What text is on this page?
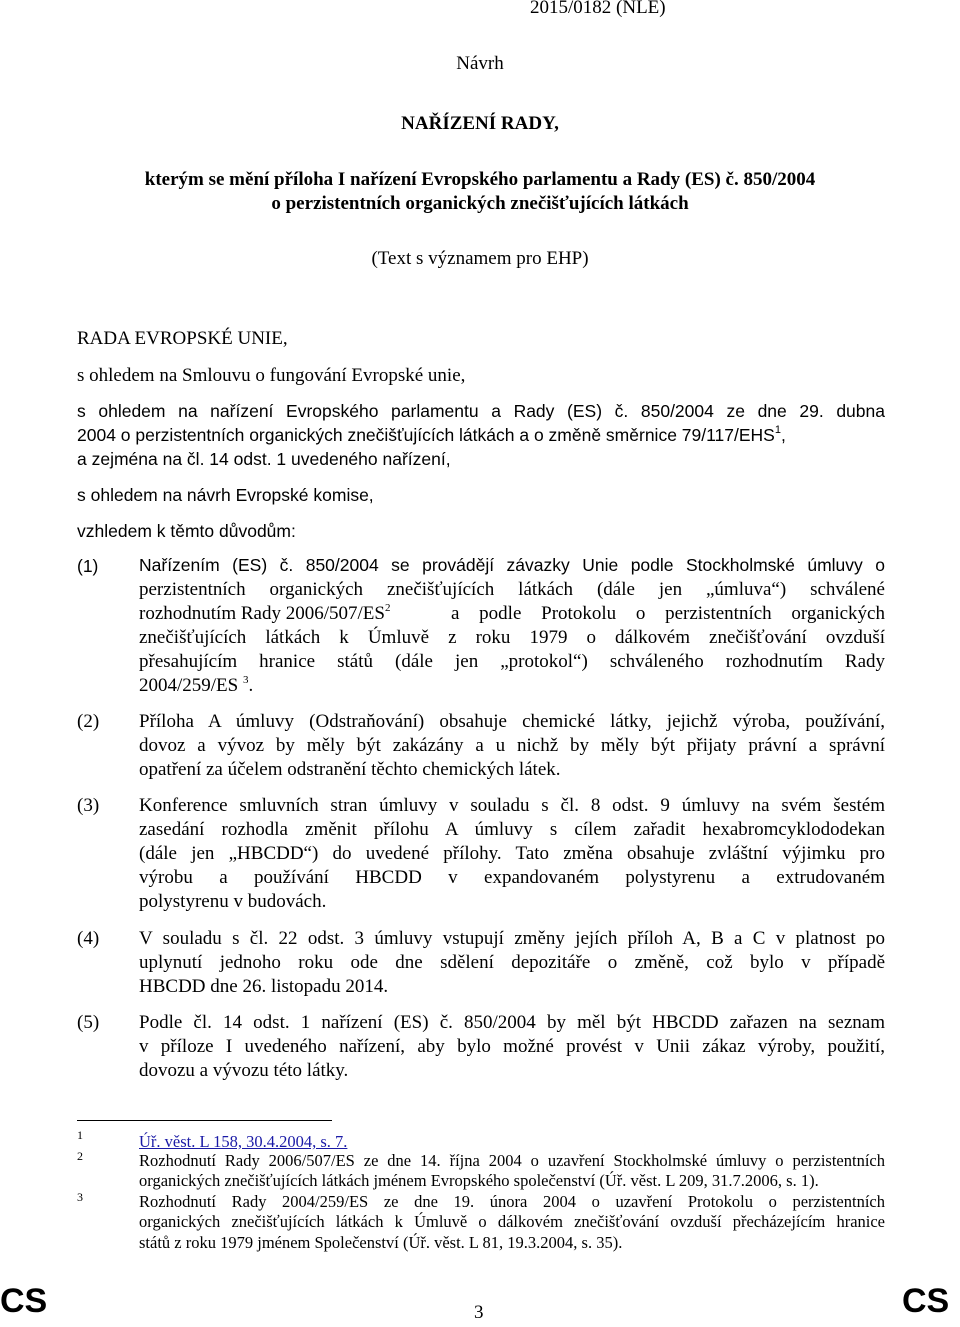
2015/0182 (NLE)
Návrh
NAŘÍZENÍ RADY,
kterým se mění příloha I nařízení Evropského parlamentu a Rady (ES) č. 850/2004
o perzistentních organických znečišťujících látkách
(Text s významem pro EHP)
RADA EVROPSKÉ UNIE,
s ohledem na Smlouvu o fungování Evropské unie,
s ohledem na nařízení Evropského parlamentu a Rady (ES) č. 850/2004 ze dne 29. dubna
2004 o perzistentních organických znečišťujících látkách a o změně směrnice 79/117/EHS$^1$,
a zejména na čl. 14 odst. 1 uvedeného nařízení,
s ohledem na návrh Evropské komise,
vzhledem k těmto důvodům:
(1) Nařízením (ES) č. 850/2004 se provádějí závazky Unie podle Stockholmské úmluvy o
perzistentních organických znečišťujících látkách (dále jen „úmluva“) schválené
rozhodnutím Rady $2006/507/ES^2$	a podle Protokolu o perzistentních organických
znečišťujících látkách k Úmluvě z roku 1979 o dálkovém znečišťování ovzduší
přesahujícím hranice států (dále jen „protokol“) schváleného rozhodnutím Rady
2004/259/ES $^3$.
(2) Příloha A úmluvy (Odstraňování) obsahuje chemické látky, jejichž výroba, používání,
dovoz a vývoz by měly být zakázány a u nichž by měly být přijaty právní a správní
opatření za účelem odstranění těchto chemických látek.
(3) Konference smluvních stran úmluvy v souladu s čl. 8 odst. 9 úmluvy na svém šestém
zasedání rozhodla změnit přílohu A úmluvy s cílem zařadit hexabromcyklododekan
(dále jen „HBCDD“) do uvedené přílohy. Tato změna obsahuje zvláštní výjimku pro
výrobu a používání HBCDD v expandovaném polystyrenu a extrudovaném
polystyrenu v budovách.
(4) V souladu s čl. 22 odst. 3 úmluvy vstupují změny jejích příloh A, B a C v platnost po
uplynutí jednoho roku ode dne sdělení depozitáře o změně, což bylo v případě
HBCDD dne 26. listopadu 2014.
(5) Podle čl. 14 odst. 1 nařízení (ES) č. 850/2004 by měl být HBCDD zařazen na seznam
v příloze I uvedeného nařízení, aby bylo možné provést v Unii zákaz výroby, použití,
dovozu a vývozu této látky.
1	Úř. věst. L 158, 30.4.2004, s. 7.
2	Rozhodnutí Rady 2006/507/ES ze dne 14. října 2004 o uzavření Stockholmské úmluvy o perzistentních
organických znečišťujících látkách jménem Evropského společenství (Úř. věst. L 209, 31.7.2006, s. 1).
3	Rozhodnutí Rady 2004/259/ES ze dne 19. února 2004 o uzavření Protokolu o perzistentních
organických znečišťujících látkách k Úmluvě o dálkovém znečišťování ovzduší přecházejícím hranice
států z roku 1979 jménem Společenství (Úř. věst. L 81, 19.3.2004, s. 35).
CS	3	CS
